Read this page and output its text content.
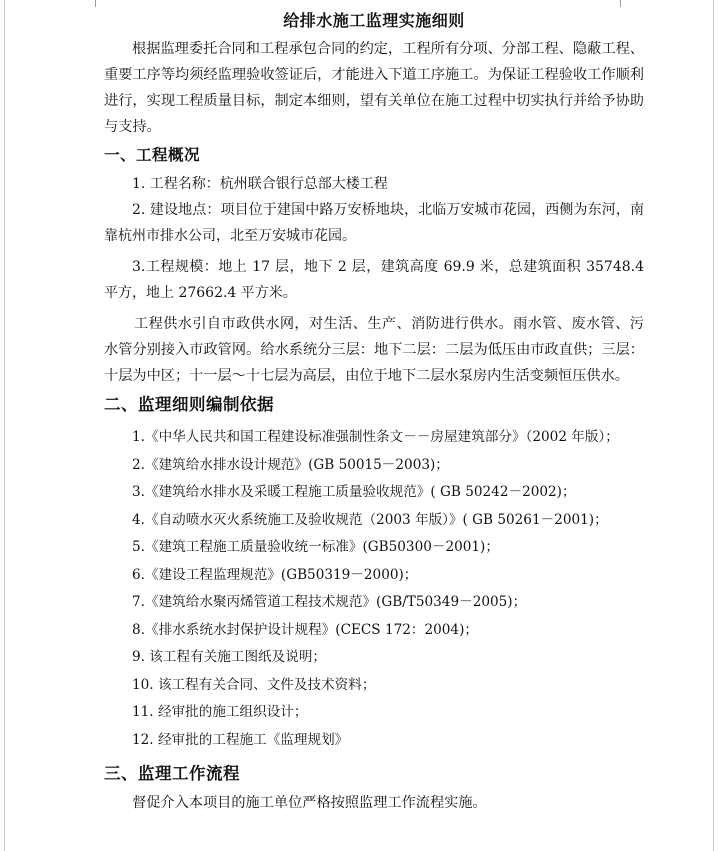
给排水施工监理实施细则

根据监理委托合同和工程承包合同的约定，工程所有分项、分部工程、隐蔽工程、重要工序等均须经监理验收签证后，才能进入下道工序施工。为保证工程验收工作顺利进行，实现工程质量目标，制定本细则，望有关单位在施工过程中切实执行并给予协助与支持。

一、工程概况

1. 工程名称：杭州联合银行总部大楼工程

2. 建设地点：项目位于建国中路万安桥地块，北临万安城市花园，西侧为东河，南靠杭州市排水公司，北至万安城市花园。

3.工程规模：地上 17 层，地下 2 层，建筑高度 69.9 米，总建筑面积 35748.4 平方，地上 27662.4 平方米。

工程供水引自市政供水网，对生活、生产、消防进行供水。雨水管、废水管、污水管分别接入市政管网。给水系统分三层：地下二层：二层为低压由市政直供；三层：十层为中区；十一层～十七层为高层，由位于地下二层水泵房内生活变频恒压供水。

二、监理细则编制依据
1.《中华人民共和国工程建设标准强制性条文－－房屋建筑部分》（2002 年版）；
2.《建筑给水排水设计规范》(GB 50015－2003)；
3.《建筑给水排水及采暖工程施工质量验收规范》( GB 50242－2002)；
4.《自动喷水灭火系统施工及验收规范（2003 年版）》( GB 50261－2001)；
5.《建筑工程施工质量验收统一标准》(GB50300－2001)；
6.《建设工程监理规范》(GB50319－2000)；
7.《建筑给水聚丙烯管道工程技术规范》(GB/T50349－2005)；
8.《排水系统水封保护设计规程》(CECS 172：2004)；
9. 该工程有关施工图纸及说明；
10. 该工程有关合同、文件及技术资料；
11. 经审批的施工组织设计；
12. 经审批的工程施工《监理规划》
三、监理工作流程

督促介入本项目的施工单位严格按照监理工作流程实施。
